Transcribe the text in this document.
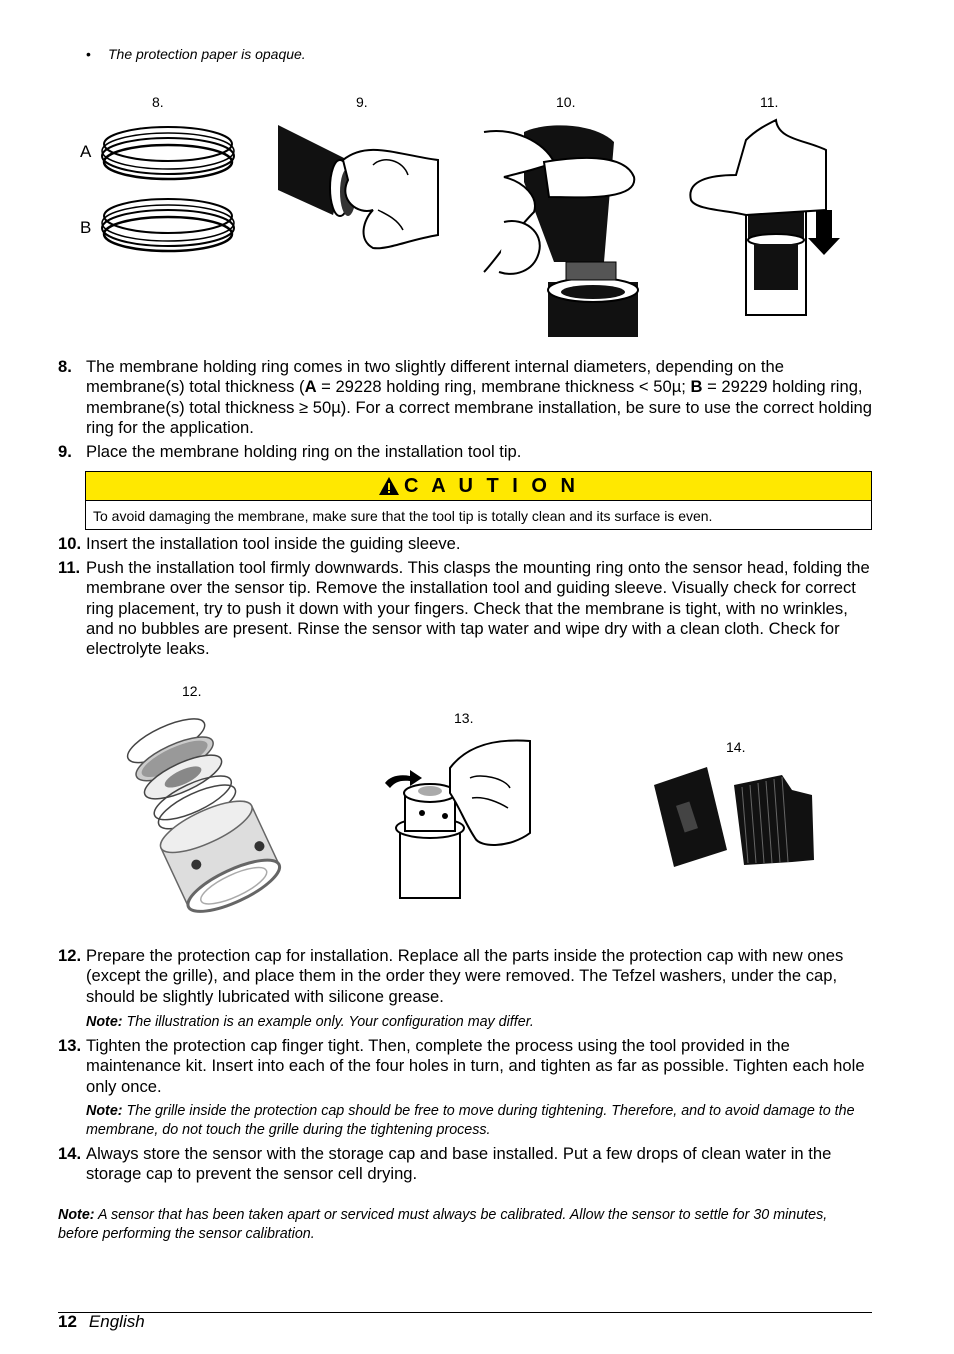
• The protection paper is opaque.
8.	9.	10.	11.
A
B
8. The membrane holding ring comes in two slightly different internal diameters, depending on the membrane(s) total thickness (A = 29228 holding ring, membrane thickness < 50µ; B = 29229 holding ring, membrane(s) total thickness ≥ 50µ). For a correct membrane installation, be sure to use the correct holding ring for the application.
9. Place the membrane holding ring on the installation tool tip.
C A U T I O N
To avoid damaging the membrane, make sure that the tool tip is totally clean and its surface is even.
10. Insert the installation tool inside the guiding sleeve.
11. Push the installation tool firmly downwards. This clasps the mounting ring onto the sensor head, folding the membrane over the sensor tip. Remove the installation tool and guiding sleeve. Visually check for correct ring placement, try to push it down with your fingers. Check that the membrane is tight, with no wrinkles, and no bubbles are present. Rinse the sensor with tap water and wipe dry with a clean cloth. Check for electrolyte leaks.
12.
13.
14.
12. Prepare the protection cap for installation. Replace all the parts inside the protection cap with new ones (except the grille), and place them in the order they were removed. The Tefzel washers, under the cap, should be slightly lubricated with silicone grease.
Note: The illustration is an example only. Your configuration may differ.
13. Tighten the protection cap finger tight. Then, complete the process using the tool provided in the maintenance kit. Insert into each of the four holes in turn, and tighten as far as possible. Tighten each hole only once.
Note: The grille inside the protection cap should be free to move during tightening. Therefore, and to avoid damage to the membrane, do not touch the grille during the tightening process.
14. Always store the sensor with the storage cap and base installed. Put a few drops of clean water in the storage cap to prevent the sensor cell drying.
Note: A sensor that has been taken apart or serviced must always be calibrated. Allow the sensor to settle for 30 minutes, before performing the sensor calibration.
12 English
